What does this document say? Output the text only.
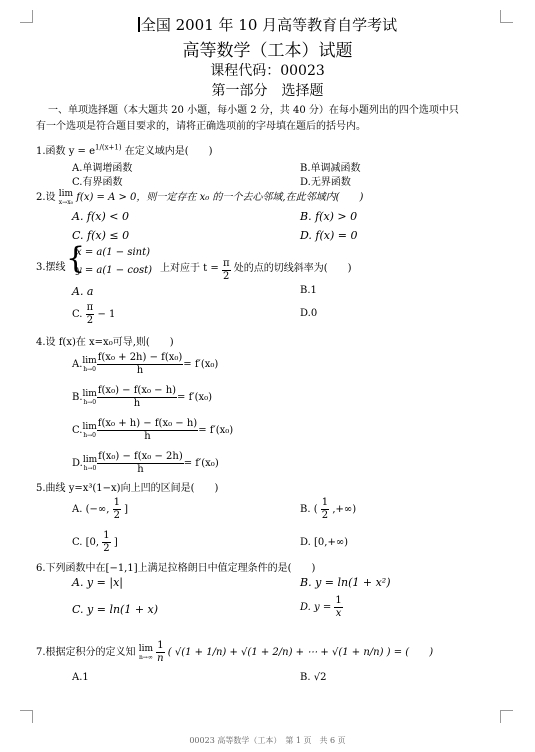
全国 2001 年 10 月高等教育自学考试
高等数学（工本）试题
课程代码：00023
第一部分　选择题
一、单项选择题（本大题共 20 小题，每小题 2 分，共 40 分）在每小题列出的四个选项中只
有一个选项是符合题目要求的，请将正确选项前的字母填在题后的括号内。
1.函数 $y = e^{1/(x+1)}$ 在定义域内是(　　)
A.单调增函数	B.单调减函数
C.有界函数	D.无界函数
2.设 lim
x→x₀ f(x) = A > 0，则一定存在 x₀ 的一个去心邻域,在此邻域内(　　)
A. f(x) < 0	B. f(x) > 0
C. f(x) ≤ 0	D. f(x) = 0
3.摆线 {
x = a(1 − sint)
y = a(1 − cost) 上对应于 $t = \frac{\pi}{2}$ 处的点的切线斜率为(　　)
A. a	B.1
C. $\frac{\pi}{2} - 1$	D.0
4.设 f(x)在 x=x₀可导,则(　　)
A.lim
$h\to 0 \frac{\text{f(x₀ + 2h) − f(x₀)}}{h} = f'(x_0)$
B.lim
$h\to 0 \frac{\text{f(x₀) − f(x₀ − h)}}{h} = f'(x_0)$
C.lim
$h\to 0 \frac{\text{f(x₀ + h) − f(x₀ − h)}}{h} = f'(x_0)$
D.lim
$h\to 0 \frac{\text{f(x₀) − f(x₀ − 2h)}}{h} = f'(x_0)$
5.曲线 y=x³(1−x)向上凹的区间是(　　)
A. (−∞, $\frac{1}{2}$ ]	B. ( $\frac{1}{2}$ ,+∞)
C. [0, $\frac{1}{2}$ ]	D. [0,+∞)
6.下列函数中在[−1,1]上满足拉格朗日中值定理条件的是(　　)
A. y = |x|	B. y = ln(1 + x²)
C. y = ln(1 + x)	D. $y = \frac{1}{x}$
7.根据定积分的定义知 lim
n→∞
$\frac{1}{n}$ ( √(1 + 1/n) + √(1 + 2/n) + ⋯ + √(1 + n/n) ) = (　　)
A.1	B. √2
00023 高等数学（工本）　第 1 页　共 6 页
